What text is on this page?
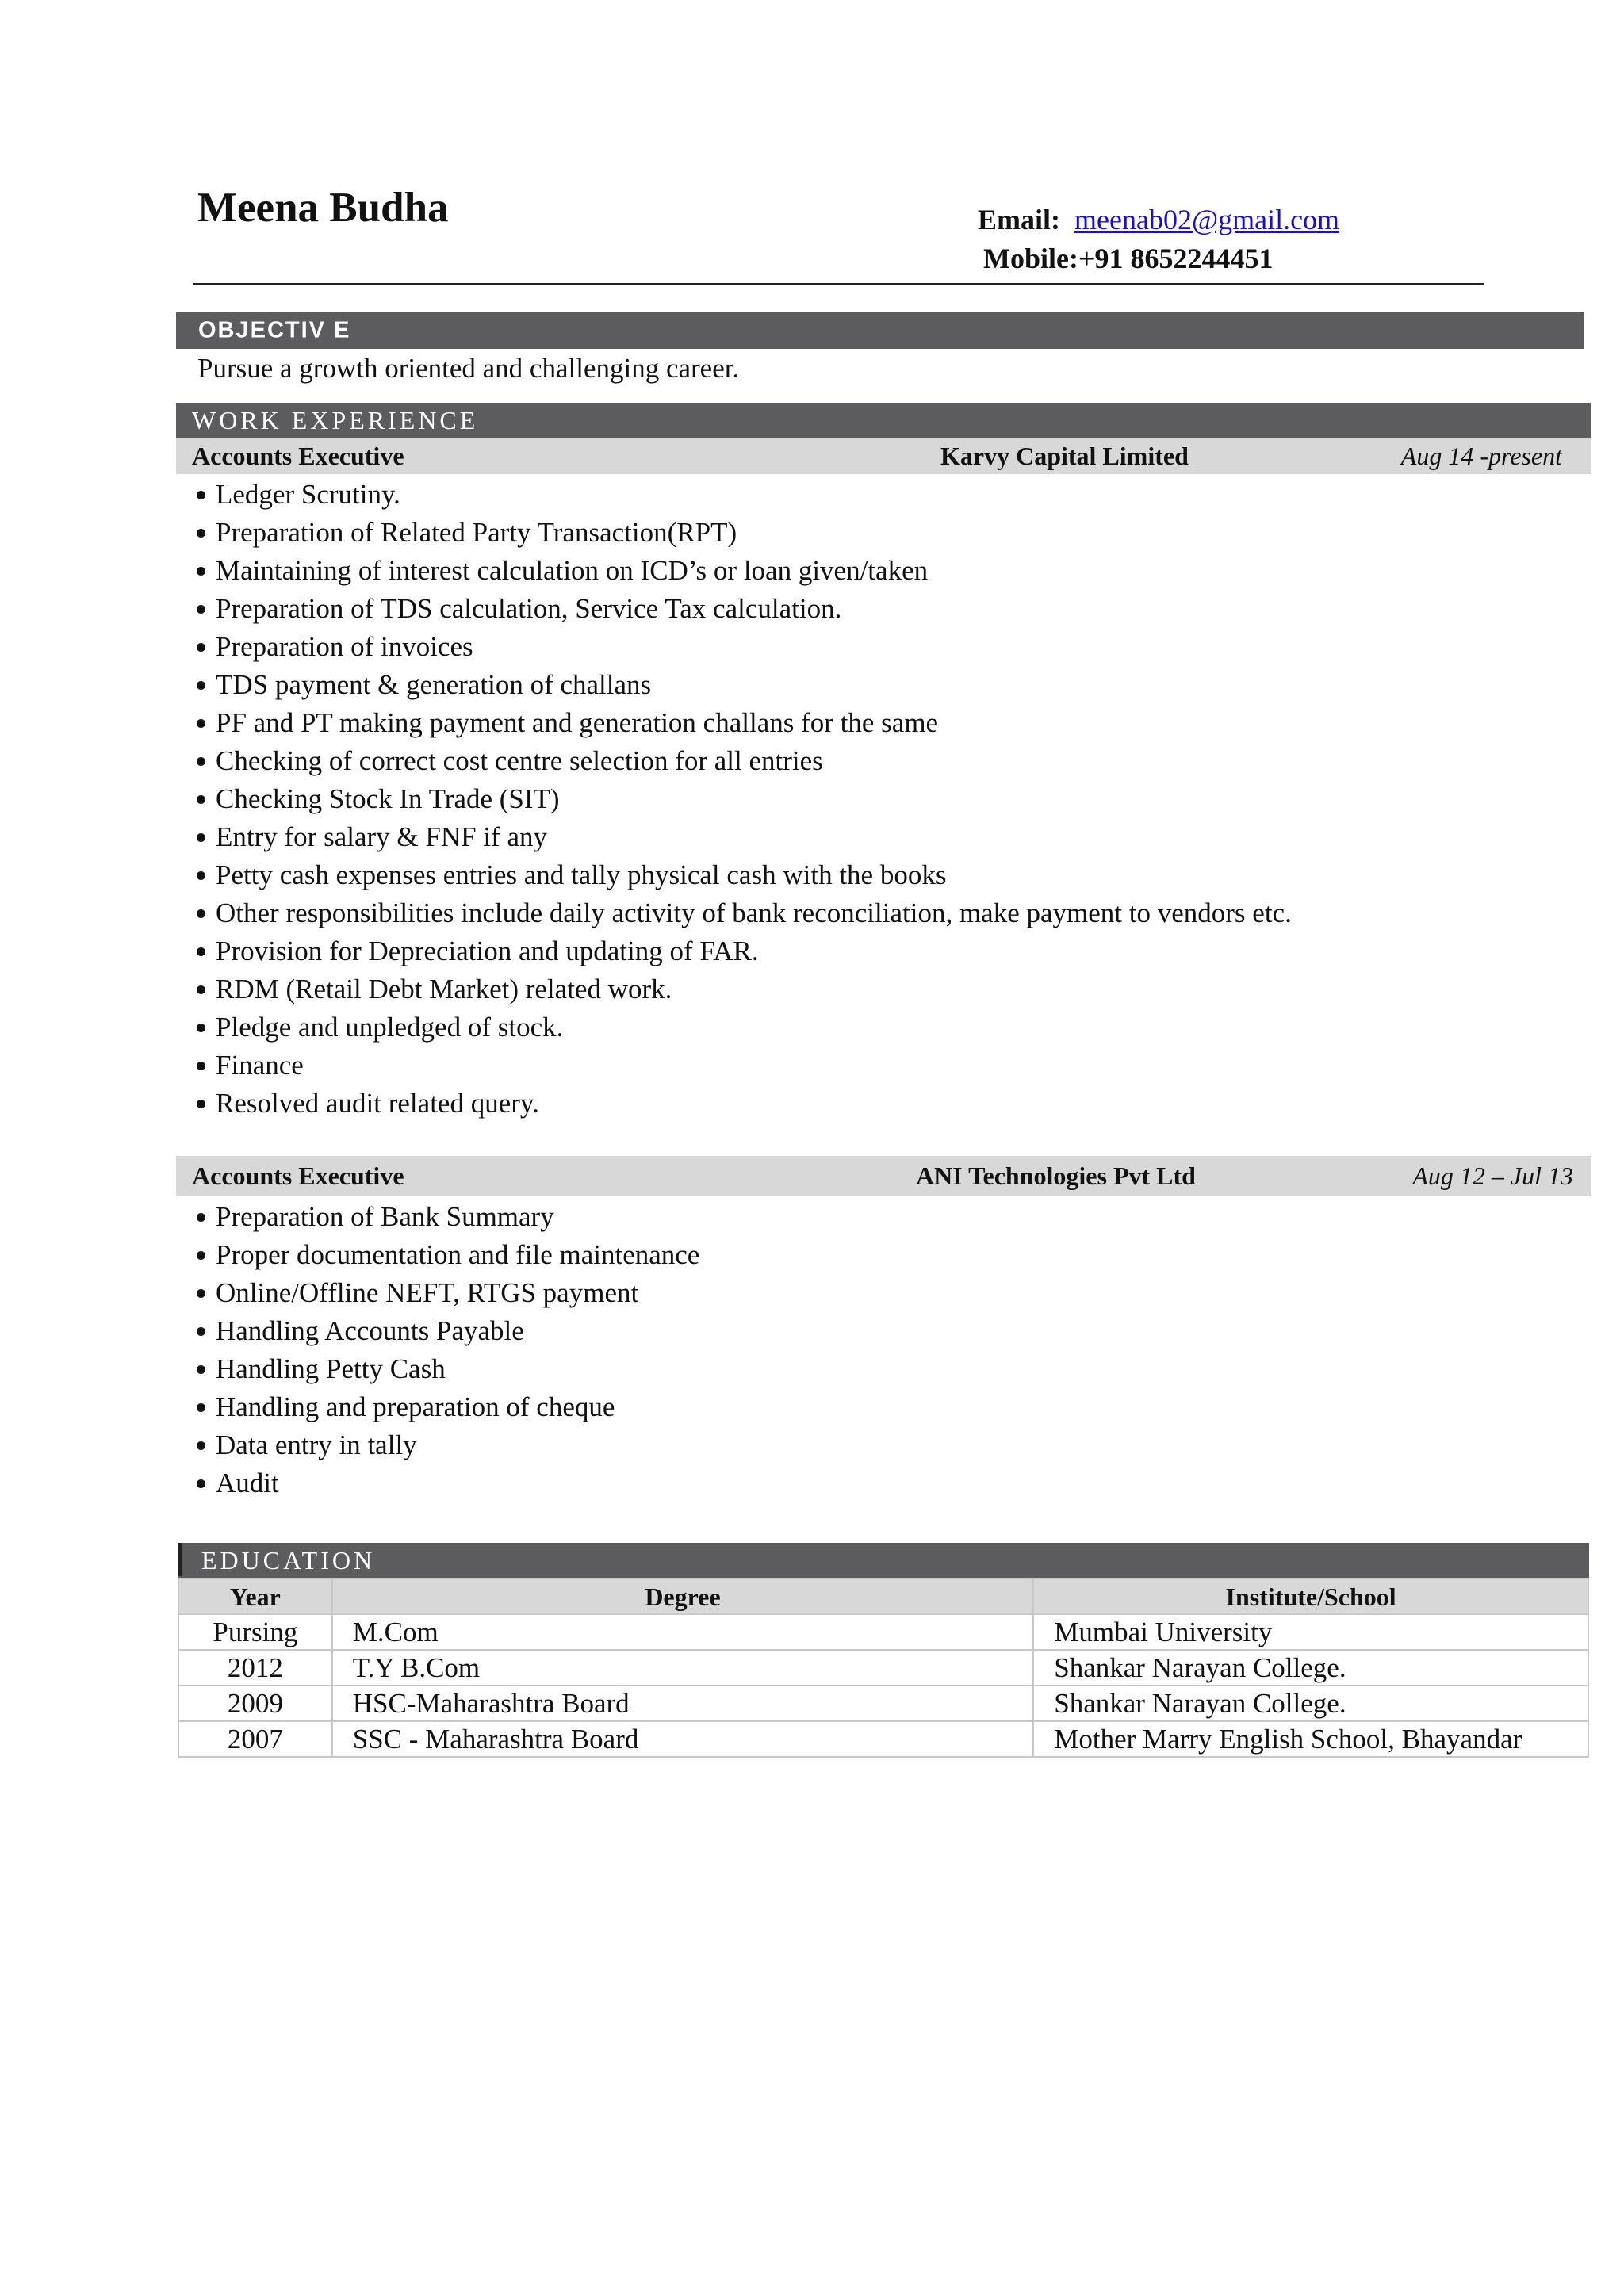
Meena Budha	Email: meenab02@gmail.com
Mobile:+91 8652244451
OBJECTIV E
Pursue a growth oriented and challenging career.
WORK EXPERIENCE
Accounts Executive	Karvy Capital Limited	Aug 14 -present
Ledger Scrutiny.
Preparation of Related Party Transaction(RPT)
Maintaining of interest calculation on ICD’s or loan given/taken
Preparation of TDS calculation, Service Tax calculation.
Preparation of invoices
TDS payment & generation of challans
PF and PT making payment and generation challans for the same
Checking of correct cost centre selection for all entries
Checking Stock In Trade (SIT)
Entry for salary & FNF if any
Petty cash expenses entries and tally physical cash with the books
Other responsibilities include daily activity of bank reconciliation, make payment to vendors etc.
Provision for Depreciation and updating of FAR.
RDM (Retail Debt Market) related work.
Pledge and unpledged of stock.
Finance
Resolved audit related query.
Accounts Executive	ANI Technologies Pvt Ltd	Aug 12 – Jul 13
Preparation of Bank Summary
Proper documentation and file maintenance
Online/Offline NEFT, RTGS payment
Handling Accounts Payable
Handling Petty Cash
Handling and preparation of cheque
Data entry in tally
Audit
EDUCATION
Year	Degree	Institute/School
Pursing	M.Com	Mumbai University
2012	T.Y B.Com	Shankar Narayan College.
2009	HSC-Maharashtra Board	Shankar Narayan College.
2007	SSC - Maharashtra Board	Mother Marry English School, Bhayandar
